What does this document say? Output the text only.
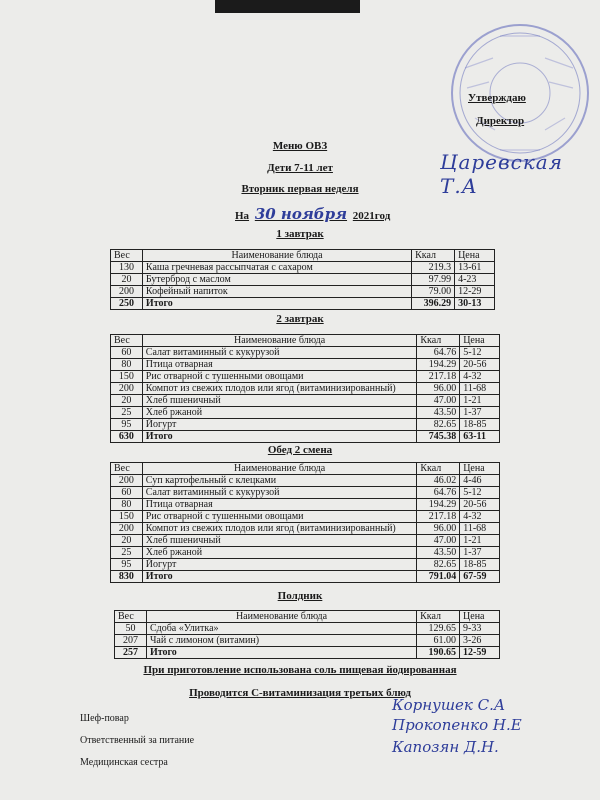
Утверждаю
Директор
Царевская Т.А
Меню ОВЗ
Дети 7-11 лет
Вторник первая неделя
На 30 ноября 2021год
1 завтрак
Вес	Наименование блюда	Ккал	Цена
130	Каша гречневая рассыпчатая с сахаром	219.3	13-61
20	Бутерброд с маслом	97.99	4-23
200	Кофейный напиток	79.00	12-29
250	Итого	396.29	30-13
2 завтрак
Вес	Наименование блюда	Ккал	Цена
60	Салат витаминный с кукурузой	64.76	5-12
80	Птица отварная	194.29	20-56
150	Рис отварной с тушенными овощами	217.18	4-32
200	Компот из свежих плодов или ягод (витаминизированный)	96.00	11-68
20	Хлеб пшеничный	47.00	1-21
25	Хлеб ржаной	43.50	1-37
95	Йогурт	82.65	18-85
630	Итого	745.38	63-11
Обед 2 смена
Вес	Наименование блюда	Ккал	Цена
200	Суп картофельный с клецками	46.02	4-46
60	Салат витаминный с кукурузой	64.76	5-12
80	Птица отварная	194.29	20-56
150	Рис отварной с тушенными овощами	217.18	4-32
200	Компот из свежих плодов или ягод (витаминизированный)	96.00	11-68
20	Хлеб пшеничный	47.00	1-21
25	Хлеб ржаной	43.50	1-37
95	Йогурт	82.65	18-85
830	Итого	791.04	67-59
Полдник
Вес	Наименование блюда	Ккал	Цена
50	Сдоба «Улитка»	129.65	9-33
207	Чай с лимоном (витамин)	61.00	3-26
257	Итого	190.65	12-59
При приготовление использована соль пищевая йодированная
Проводится С-витаминизация третьих блюд
Шеф-повар
Корнушек С.А
Ответственный за питание
Прокопенко Н.Е
Медицинская сестра
Капозян Д.Н.
